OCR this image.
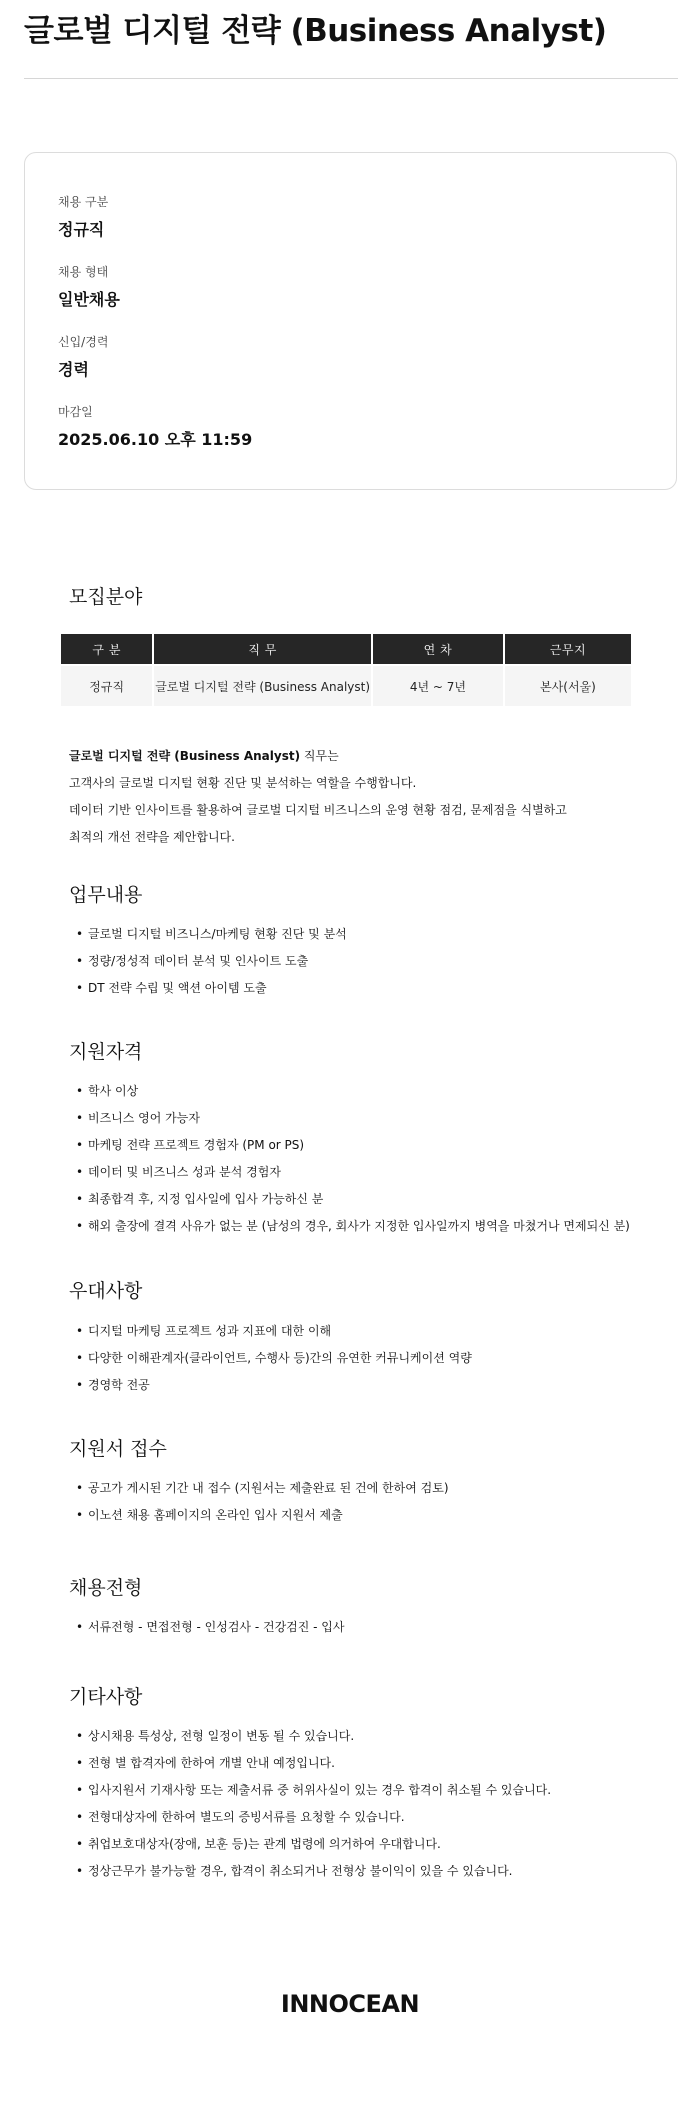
글로벌 디지털 전략 (Business Analyst)
채용 구분
정규직
채용 형태
일반채용
신입/경력
경력
마감일
2025.06.10 오후 11:59
모집분야
구 분	직 무	연 차	근무지
정규직	글로벌 디지털 전략 (Business Analyst)	4년 ~ 7년	본사(서울)

글로벌 디지털 전략 (Business Analyst) 직무는

고객사의 글로벌 디지털 현황 진단 및 분석하는 역할을 수행합니다.

데이터 기반 인사이트를 활용하여 글로벌 디지털 비즈니스의 운영 현황 점검, 문제점을 식별하고

최적의 개선 전략을 제안합니다.

업무내용
• 글로벌 디지털 비즈니스/마케팅 현황 진단 및 분석
• 정량/정성적 데이터 분석 및 인사이트 도출
• DT 전략 수립 및 액션 아이템 도출
지원자격
• 학사 이상
• 비즈니스 영어 가능자
• 마케팅 전략 프로젝트 경험자 (PM or PS)
• 데이터 및 비즈니스 성과 분석 경험자
• 최종합격 후, 지정 입사일에 입사 가능하신 분
• 해외 출장에 결격 사유가 없는 분 (남성의 경우, 회사가 지정한 입사일까지 병역을 마쳤거나 면제되신 분)
우대사항
• 디지털 마케팅 프로젝트 성과 지표에 대한 이해
• 다양한 이해관계자(클라이언트, 수행사 등)간의 유연한 커뮤니케이션 역량
• 경영학 전공
지원서 접수
• 공고가 게시된 기간 내 접수 (지원서는 제출완료 된 건에 한하여 검토)
• 이노션 채용 홈페이지의 온라인 입사 지원서 제출
채용전형
• 서류전형 - 면접전형 - 인성검사 - 건강검진 - 입사
기타사항
• 상시채용 특성상, 전형 일정이 변동 될 수 있습니다.
• 전형 별 합격자에 한하여 개별 안내 예정입니다.
• 입사지원서 기재사항 또는 제출서류 중 허위사실이 있는 경우 합격이 취소될 수 있습니다.
• 전형대상자에 한하여 별도의 증빙서류를 요청할 수 있습니다.
• 취업보호대상자(장애, 보훈 등)는 관계 법령에 의거하여 우대합니다.
• 정상근무가 불가능할 경우, 합격이 취소되거나 전형상 불이익이 있을 수 있습니다.
INNOCEAN
